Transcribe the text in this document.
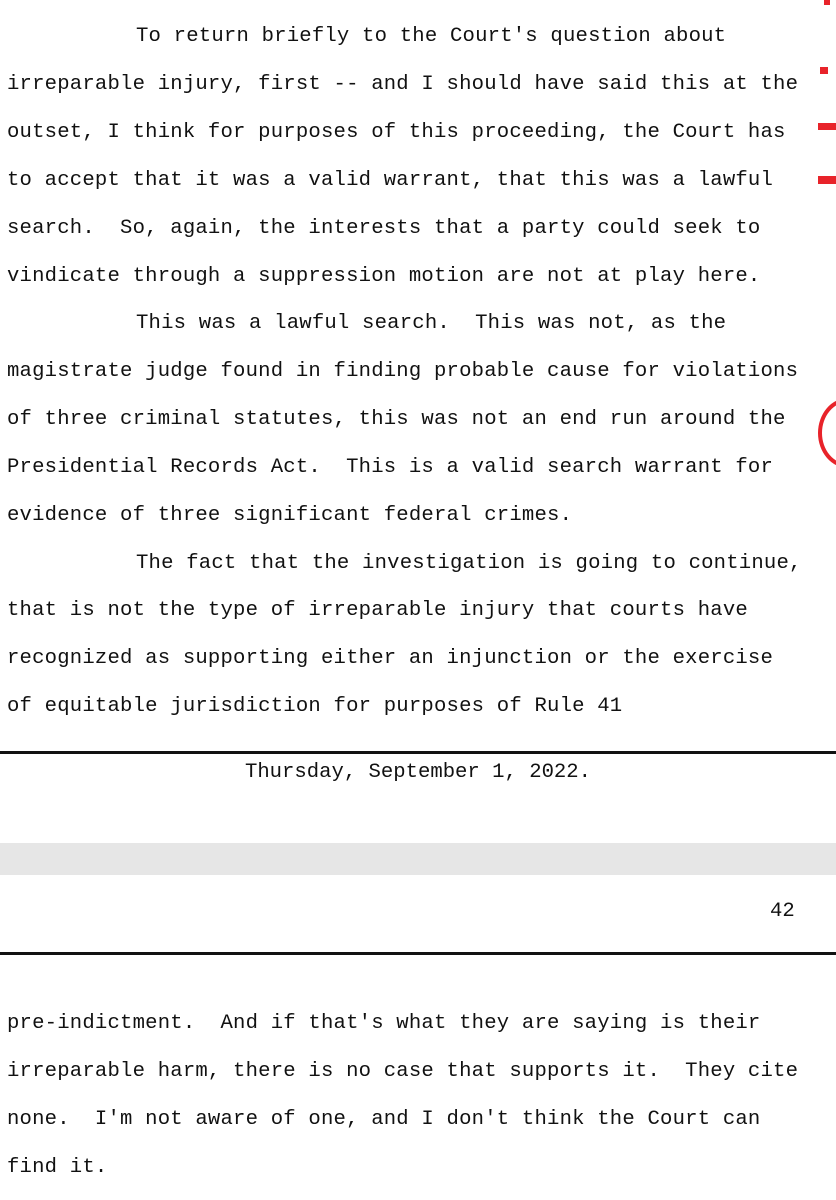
To return briefly to the Court's question about
irreparable injury, first -- and I should have said this at the
outset, I think for purposes of this proceeding, the Court has
to accept that it was a valid warrant, that this was a lawful
search.  So, again, the interests that a party could seek to
vindicate through a suppression motion are not at play here.
This was a lawful search.  This was not, as the
magistrate judge found in finding probable cause for violations
of three criminal statutes, this was not an end run around the
Presidential Records Act.  This is a valid search warrant for
evidence of three significant federal crimes.
The fact that the investigation is going to continue,
that is not the type of irreparable injury that courts have
recognized as supporting either an injunction or the exercise
of equitable jurisdiction for purposes of Rule 41
Thursday, September 1, 2022.
42
pre-indictment.  And if that's what they are saying is their
irreparable harm, there is no case that supports it.  They cite
none.  I'm not aware of one, and I don't think the Court can
find it.
